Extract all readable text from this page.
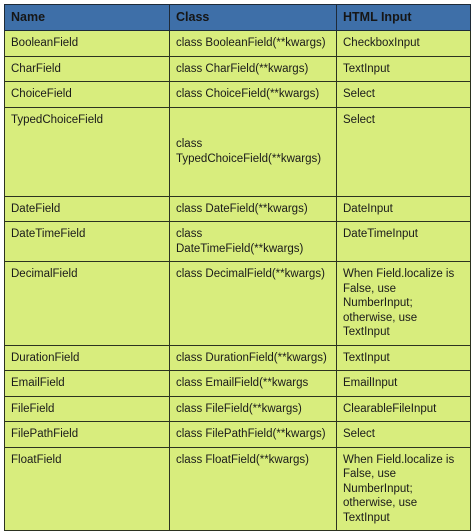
Name	Class	HTML Input
BooleanField	class BooleanField(**kwargs)	CheckboxInput
CharField	class CharField(**kwargs)	TextInput
ChoiceField	class ChoiceField(**kwargs)	Select
TypedChoiceField	class TypedChoiceField(**kwargs)	Select
DateField	class DateField(**kwargs)	DateInput
DateTimeField	class DateTimeField(**kwargs)	DateTimeInput
DecimalField	class DecimalField(**kwargs)	When Field.localize is False, use NumberInput; otherwise, use TextInput
DurationField	class DurationField(**kwargs)	TextInput
EmailField	class EmailField(**kwargs	EmailInput
FileField	class FileField(**kwargs)	ClearableFileInput
FilePathField	class FilePathField(**kwargs)	Select
FloatField	class FloatField(**kwargs)	When Field.localize is False, use NumberInput; otherwise, use TextInput
